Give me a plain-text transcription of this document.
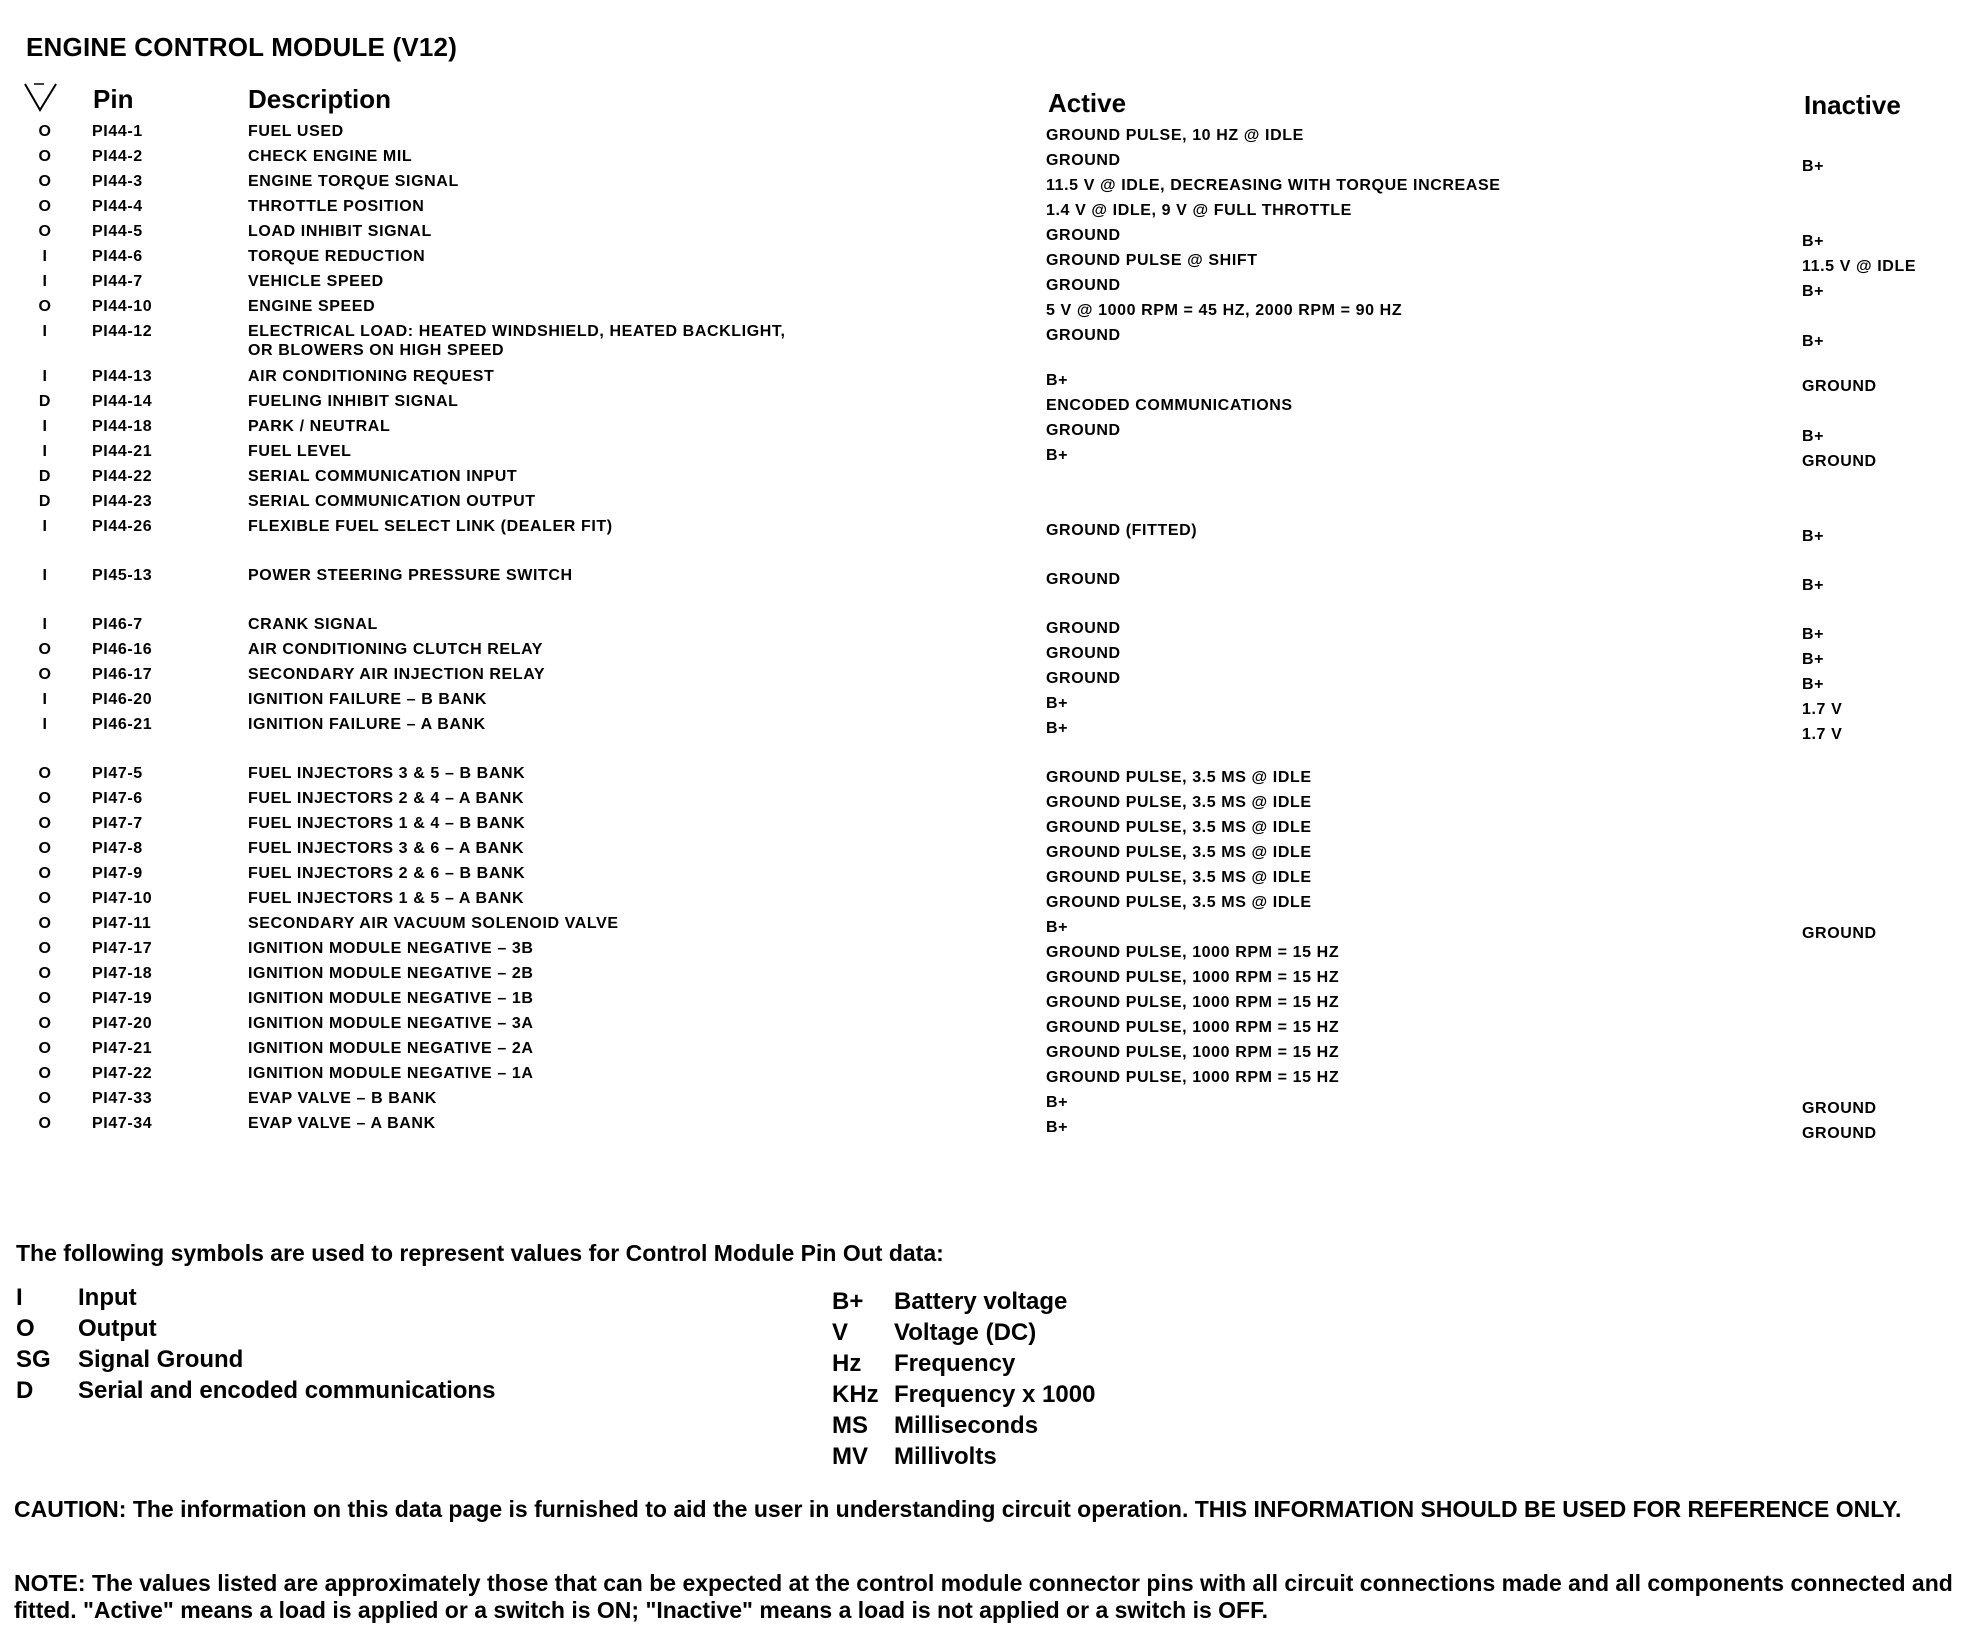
ENGINE CONTROL MODULE (V12)
Pin	Description	Active	Inactive
O	PI44-1	FUEL USED	GROUND PULSE, 10 HZ @ IDLE
O	PI44-2	CHECK ENGINE MIL	GROUND	B+
O	PI44-3	ENGINE TORQUE SIGNAL	11.5 V @ IDLE, DECREASING WITH TORQUE INCREASE
O	PI44-4	THROTTLE POSITION	1.4 V @ IDLE, 9 V @ FULL THROTTLE
O	PI44-5	LOAD INHIBIT SIGNAL	GROUND	B+
I	PI44-6	TORQUE REDUCTION	GROUND PULSE @ SHIFT	11.5 V @ IDLE
I	PI44-7	VEHICLE SPEED	GROUND	B+
O	PI44-10	ENGINE SPEED	5 V @ 1000 RPM = 45 HZ, 2000 RPM = 90 HZ
I	PI44-12	ELECTRICAL LOAD: HEATED WINDSHIELD, HEATED BACKLIGHT,	GROUND	B+
OR BLOWERS ON HIGH SPEED
I	PI44-13	AIR CONDITIONING REQUEST	B+	GROUND
D	PI44-14	FUELING INHIBIT SIGNAL	ENCODED COMMUNICATIONS
I	PI44-18	PARK / NEUTRAL	GROUND	B+
I	PI44-21	FUEL LEVEL	B+	GROUND
D	PI44-22	SERIAL COMMUNICATION INPUT
D	PI44-23	SERIAL COMMUNICATION OUTPUT
I	PI44-26	FLEXIBLE FUEL SELECT LINK (DEALER FIT)	GROUND (FITTED)	B+
I	PI45-13	POWER STEERING PRESSURE SWITCH	GROUND	B+
I	PI46-7	CRANK SIGNAL	GROUND	B+
O	PI46-16	AIR CONDITIONING CLUTCH RELAY	GROUND	B+
O	PI46-17	SECONDARY AIR INJECTION RELAY	GROUND	B+
I	PI46-20	IGNITION FAILURE – B BANK	B+	1.7 V
I	PI46-21	IGNITION FAILURE – A BANK	B+	1.7 V
O	PI47-5	FUEL INJECTORS 3 & 5 – B BANK	GROUND PULSE, 3.5 MS @ IDLE
O	PI47-6	FUEL INJECTORS 2 & 4 – A BANK	GROUND PULSE, 3.5 MS @ IDLE
O	PI47-7	FUEL INJECTORS 1 & 4 – B BANK	GROUND PULSE, 3.5 MS @ IDLE
O	PI47-8	FUEL INJECTORS 3 & 6 – A BANK	GROUND PULSE, 3.5 MS @ IDLE
O	PI47-9	FUEL INJECTORS 2 & 6 – B BANK	GROUND PULSE, 3.5 MS @ IDLE
O	PI47-10	FUEL INJECTORS 1 & 5 – A BANK	GROUND PULSE, 3.5 MS @ IDLE
O	PI47-11	SECONDARY AIR VACUUM SOLENOID VALVE	B+	GROUND
O	PI47-17	IGNITION MODULE NEGATIVE – 3B	GROUND PULSE, 1000 RPM = 15 HZ
O	PI47-18	IGNITION MODULE NEGATIVE – 2B	GROUND PULSE, 1000 RPM = 15 HZ
O	PI47-19	IGNITION MODULE NEGATIVE – 1B	GROUND PULSE, 1000 RPM = 15 HZ
O	PI47-20	IGNITION MODULE NEGATIVE – 3A	GROUND PULSE, 1000 RPM = 15 HZ
O	PI47-21	IGNITION MODULE NEGATIVE – 2A	GROUND PULSE, 1000 RPM = 15 HZ
O	PI47-22	IGNITION MODULE NEGATIVE – 1A	GROUND PULSE, 1000 RPM = 15 HZ
O	PI47-33	EVAP VALVE – B BANK	B+	GROUND
O	PI47-34	EVAP VALVE – A BANK	B+	GROUND
The following symbols are used to represent values for Control Module Pin Out data:
I Input
O Output
SG Signal Ground
D Serial and encoded communications
B+ Battery voltage
V Voltage (DC)
Hz Frequency
KHz Frequency x 1000
MS Milliseconds
MV Millivolts
CAUTION: The information on this data page is furnished to aid the user in understanding circuit operation. THIS INFORMATION SHOULD BE USED FOR REFERENCE ONLY.
NOTE: The values listed are approximately those that can be expected at the control module connector pins with all circuit connections made and all components connected and fitted. "Active" means a load is applied or a switch is ON; "Inactive" means a load is not applied or a switch is OFF.
